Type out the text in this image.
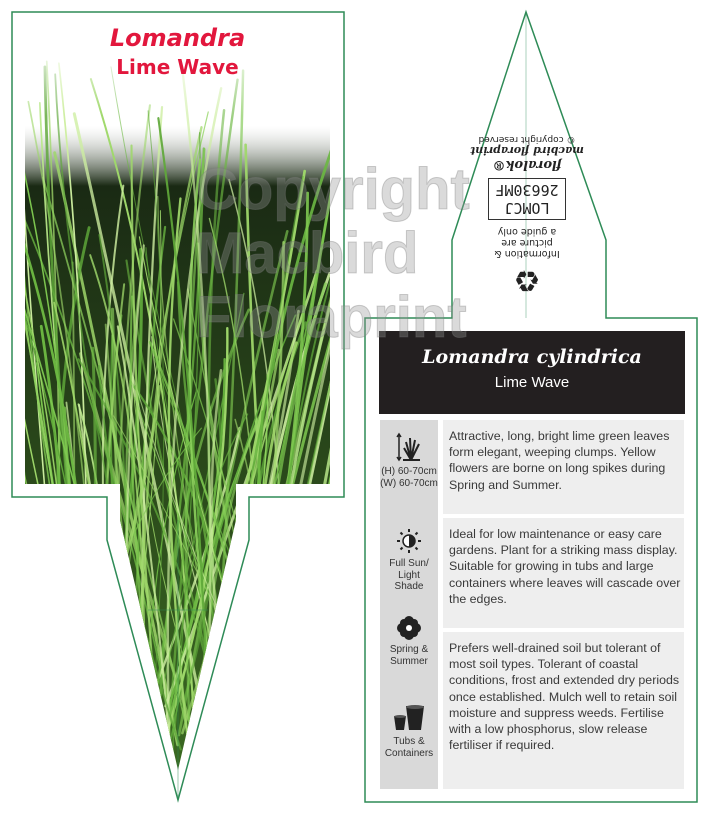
Lomandra
Lime Wave
♻
Information &
picture are
a guide only
LOMCJ
26630MF
floralok®
macbird floraprint
© copyright reserved
Lomandra cylindrica
Lime Wave
(H) 60-70cm
(W) 60-70cm
Full Sun/
Light
Shade
Spring &
Summer
Tubs &
Containers
Attractive, long, bright lime green leaves form elegant, weeping clumps. Yellow flowers are borne on long spikes during Spring and Summer.
Ideal for low maintenance or easy care gardens. Plant for a striking mass display. Suitable for growing in tubs and large containers where leaves will cascade over the edges.
Prefers well-drained soil but tolerant of most soil types. Tolerant of coastal conditions, frost and extended dry periods once established. Mulch well to retain soil moisture and suppress weeds. Fertilise with a low phosphorus, slow release fertiliser if required.
Copyright
Macbird
Floraprint
